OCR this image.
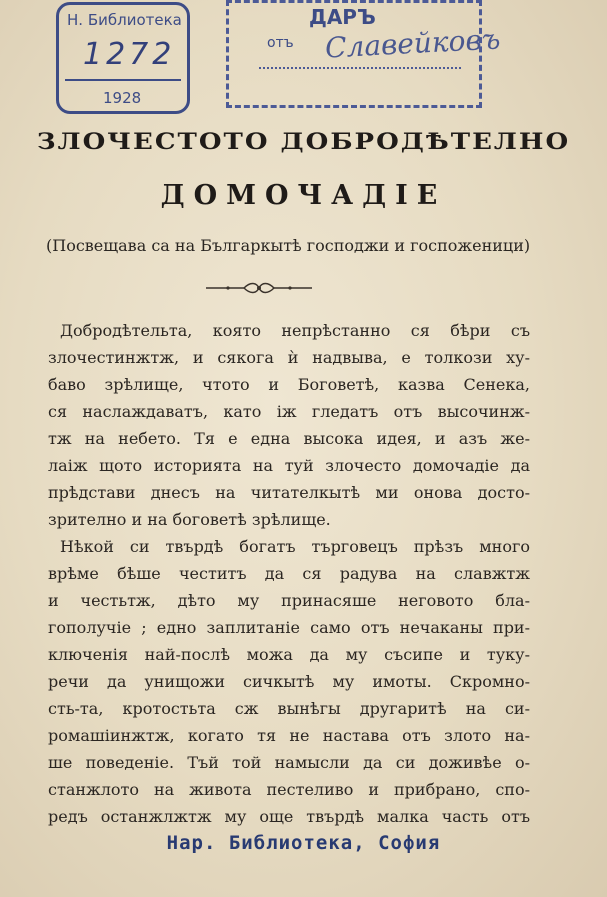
Н. Библиотека
1272
1928
ДАРЪ
отъ Славейковъ
ЗЛОЧЕСТОТО ДОБРОДѢТЕЛНО
ДОМОЧАДІЕ
(Посвещава са на Българкытѣ господжи и госпоженици)
Добродѣтельта, която непрѣстанно ся бѣри съ
злочестинжтж, и сякога ѝ надвыва, е толкози ху-
баво зрѣлище, чтото и Боговетѣ, казва Сенека,
ся наслаждаватъ, като іж гледатъ отъ высочинж-
тж на небето. Тя е една высока идея, и азъ же-
лаіж щото историята на туй злочесто домочадіе да
прѣдстави днесъ на читателкытѣ ми онова досто-
зрително и на боговетѣ зрѣлище.
Нѣкой си твърдѣ богатъ търговецъ прѣзъ много
врѣме бѣше честитъ да ся радува на славжтж
и честьтж, дѣто му принасяше неговото бла-
гополучіе ; едно заплитаніе само отъ нечаканы при-
ключенія най-послѣ можа да му съсипе и туку-
речи да унищожи сичкытѣ му имоты. Скромно-
сть-та, кротостьта сж вынѣгы другаритѣ на си-
ромашіинжтж, когато тя не настава отъ злото на-
ше поведеніе. Тъй той намысли да си доживѣе о-
станжлото на живота пестеливо и прибрано, спо-
редъ останжлжтж му още твърдѣ малка часть отъ
Нар. Библиотека, София
